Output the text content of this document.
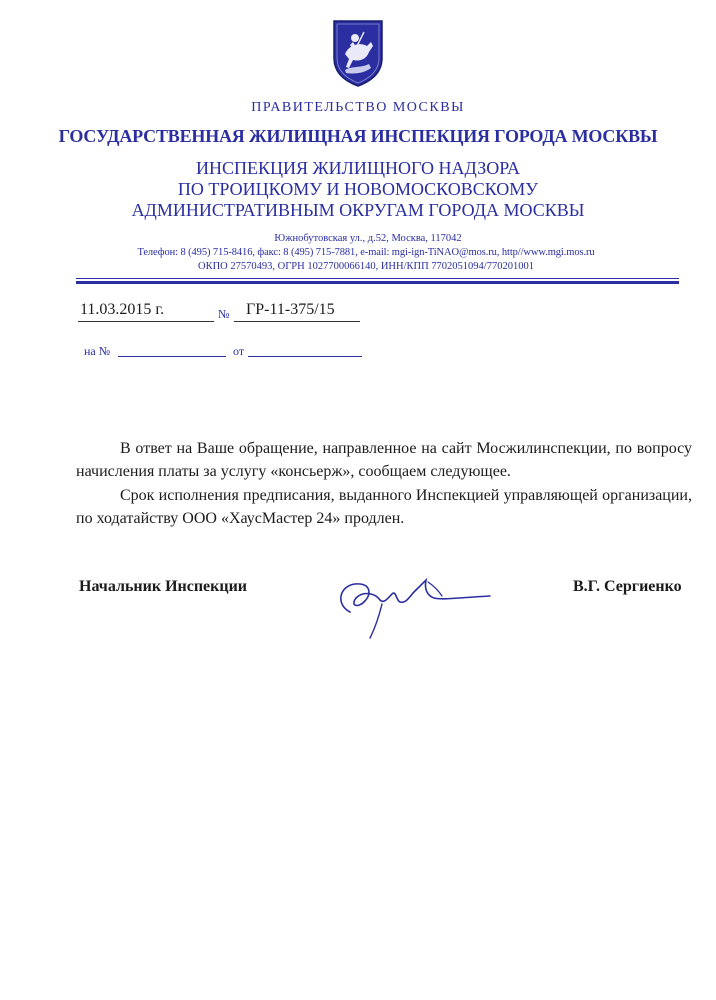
ПРАВИТЕЛЬСТВО МОСКВЫ
ГОСУДАРСТВЕННАЯ ЖИЛИЩНАЯ ИНСПЕКЦИЯ ГОРОДА МОСКВЫ
ИНСПЕКЦИЯ ЖИЛИЩНОГО НАДЗОРА
ПО ТРОИЦКОМУ И НОВОМОСКОВСКОМУ
АДМИНИСТРАТИВНЫМ ОКРУГАМ ГОРОДА МОСКВЫ
Южнобутовская ул., д.52, Москва, 117042
Телефон: 8 (495) 715-8416, факс: 8 (495) 715-7881, e-mail: mgi-ign-TiNAO@mos.ru, http//www.mgi.mos.ru
ОКПО 27570493, ОГРН 1027700066140, ИНН/КПП 7702051094/770201001
11.03.2015 г.	№ ГР-11-375/15
на №	от
В ответ на Ваше обращение, направленное на сайт Мосжилинспекции, по вопросу начисления платы за услугу «консьерж», сообщаем следующее.
Срок исполнения предписания, выданного Инспекцией управляющей организации, по ходатайству ООО «ХаусМастер 24» продлен.
Начальник Инспекции	В.Г. Сергиенко
